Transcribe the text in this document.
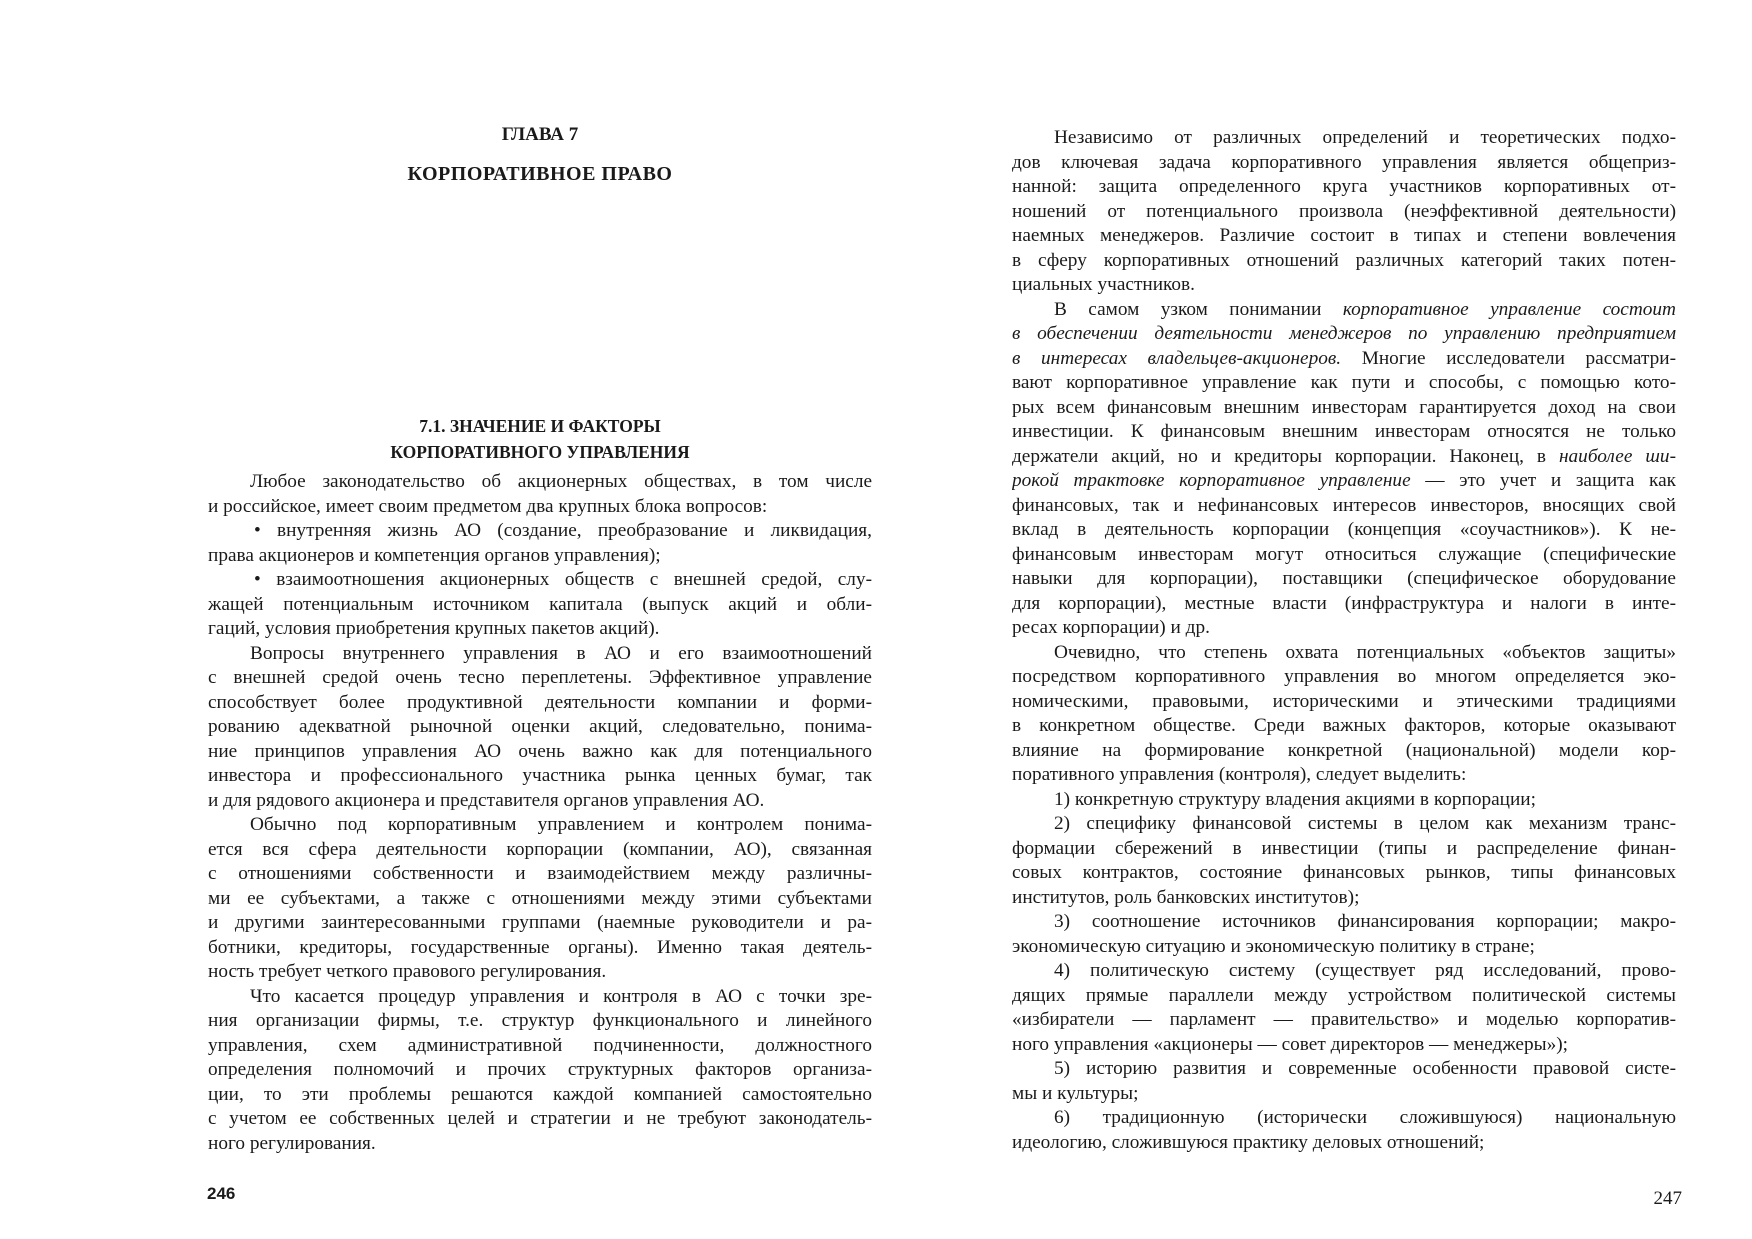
ГЛАВА 7
КОРПОРАТИВНОЕ ПРАВО
7.1. ЗНАЧЕНИЕ И ФАКТОРЫ
КОРПОРАТИВНОГО УПРАВЛЕНИЯ
Любое законодательство об акционерных обществах, в том числе
и российское, имеет своим предметом два крупных блока вопросов:
• внутренняя жизнь АО (создание, преобразование и ликвидация,
права акционеров и компетенция органов управления);
• взаимоотношения акционерных обществ с внешней средой, слу-
жащей потенциальным источником капитала (выпуск акций и обли-
гаций, условия приобретения крупных пакетов акций).
Вопросы внутреннего управления в АО и его взаимоотношений
с внешней средой очень тесно переплетены. Эффективное управление
способствует более продуктивной деятельности компании и форми-
рованию адекватной рыночной оценки акций, следовательно, понима-
ние принципов управления АО очень важно как для потенциального
инвестора и профессионального участника рынка ценных бумаг, так
и для рядового акционера и представителя органов управления АО.
Обычно под корпоративным управлением и контролем понима-
ется вся сфера деятельности корпорации (компании, АО), связанная
с отношениями собственности и взаимодействием между различны-
ми ее субъектами, а также с отношениями между этими субъектами
и другими заинтересованными группами (наемные руководители и ра-
ботники, кредиторы, государственные органы). Именно такая деятель-
ность требует четкого правового регулирования.
Что касается процедур управления и контроля в АО с точки зре-
ния организации фирмы, т.е. структур функционального и линейного
управления, схем административной подчиненности, должностного
определения полномочий и прочих структурных факторов организа-
ции, то эти проблемы решаются каждой компанией самостоятельно
с учетом ее собственных целей и стратегии и не требуют законодатель-
ного регулирования.
246
Независимо от различных определений и теоретических подхо-
дов ключевая задача корпоративного управления является общеприз-
нанной: защита определенного круга участников корпоративных от-
ношений от потенциального произвола (неэффективной деятельности)
наемных менеджеров. Различие состоит в типах и степени вовлечения
в сферу корпоративных отношений различных категорий таких потен-
циальных участников.
В самом узком понимании корпоративное управление состоит
в обеспечении деятельности менеджеров по управлению предприятием
в интересах владельцев-акционеров. Многие исследователи рассматри-
вают корпоративное управление как пути и способы, с помощью кото-
рых всем финансовым внешним инвесторам гарантируется доход на свои
инвестиции. К финансовым внешним инвесторам относятся не только
держатели акций, но и кредиторы корпорации. Наконец, в наиболее ши-
рокой трактовке корпоративное управление — это учет и защита как
финансовых, так и нефинансовых интересов инвесторов, вносящих свой
вклад в деятельность корпорации (концепция «соучастников»). К не-
финансовым инвесторам могут относиться служащие (специфические
навыки для корпорации), поставщики (специфическое оборудование
для корпорации), местные власти (инфраструктура и налоги в инте-
ресах корпорации) и др.
Очевидно, что степень охвата потенциальных «объектов защиты»
посредством корпоративного управления во многом определяется эко-
номическими, правовыми, историческими и этическими традициями
в конкретном обществе. Среди важных факторов, которые оказывают
влияние на формирование конкретной (национальной) модели кор-
поративного управления (контроля), следует выделить:
1) конкретную структуру владения акциями в корпорации;
2) специфику финансовой системы в целом как механизм транс-
формации сбережений в инвестиции (типы и распределение финан-
совых контрактов, состояние финансовых рынков, типы финансовых
институтов, роль банковских институтов);
3) соотношение источников финансирования корпорации; макро-
экономическую ситуацию и экономическую политику в стране;
4) политическую систему (существует ряд исследований, прово-
дящих прямые параллели между устройством политической системы
«избиратели — парламент — правительство» и моделью корпоратив-
ного управления «акционеры — совет директоров — менеджеры»);
5) историю развития и современные особенности правовой систе-
мы и культуры;
6) традиционную (исторически сложившуюся) национальную
идеологию, сложившуюся практику деловых отношений;
247
